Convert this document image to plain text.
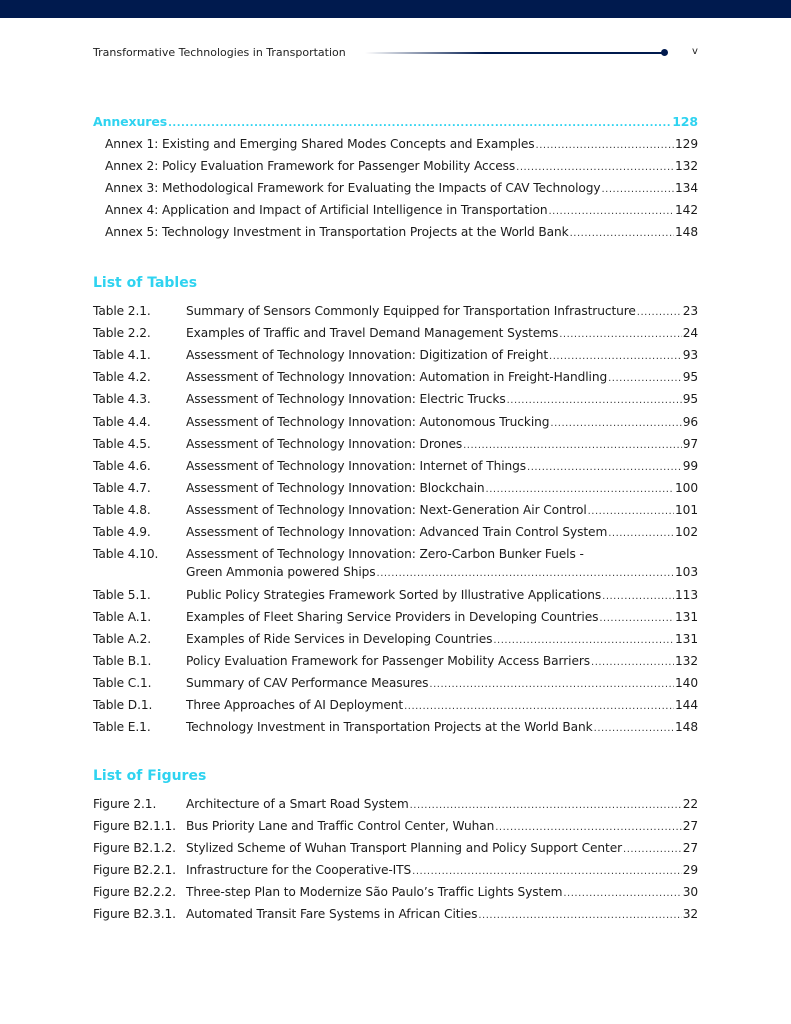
Transformative Technologies in Transportation	v
Annexures .....	128
Annex 1: Existing and Emerging Shared Modes Concepts and Examples .....	129
Annex 2: Policy Evaluation Framework for Passenger Mobility Access .....	132
Annex 3: Methodological Framework for Evaluating the Impacts of CAV Technology .....	134
Annex 4: Application and Impact of Artificial Intelligence in Transportation .....	142
Annex 5: Technology Investment in Transportation Projects at the World Bank .....	148
List of Tables
Table 2.1.	Summary of Sensors Commonly Equipped for Transportation Infrastructure .....	23
Table 2.2.	Examples of Traffic and Travel Demand Management Systems .....	24
Table 4.1.	Assessment of Technology Innovation: Digitization of Freight .....	93
Table 4.2.	Assessment of Technology Innovation: Automation in Freight-Handling .....	95
Table 4.3.	Assessment of Technology Innovation: Electric Trucks .....	95
Table 4.4.	Assessment of Technology Innovation: Autonomous Trucking .....	96
Table 4.5.	Assessment of Technology Innovation: Drones .....	97
Table 4.6.	Assessment of Technology Innovation: Internet of Things .....	99
Table 4.7.	Assessment of Technology Innovation: Blockchain .....	100
Table 4.8.	Assessment of Technology Innovation: Next-Generation Air Control .....	101
Table 4.9.	Assessment of Technology Innovation: Advanced Train Control System .....	102
Table 4.10.	Assessment of Technology Innovation: Zero-Carbon Bunker Fuels -
Green Ammonia powered Ships .....	103
Table 5.1.	Public Policy Strategies Framework Sorted by Illustrative Applications .....	113
Table A.1.	Examples of Fleet Sharing Service Providers in Developing Countries .....	131
Table A.2.	Examples of Ride Services in Developing Countries .....	131
Table B.1.	Policy Evaluation Framework for Passenger Mobility Access Barriers .....	132
Table C.1.	Summary of CAV Performance Measures .....	140
Table D.1.	Three Approaches of AI Deployment .....	144
Table E.1.	Technology Investment in Transportation Projects at the World Bank .....	148
List of Figures
Figure 2.1.	Architecture of a Smart Road System .....	22
Figure B2.1.1. Bus Priority Lane and Traffic Control Center, Wuhan .....	27
Figure B2.1.2. Stylized Scheme of Wuhan Transport Planning and Policy Support Center .....	27
Figure B2.2.1. Infrastructure for the Cooperative-ITS .....	29
Figure B2.2.2. Three-step Plan to Modernize São Paulo’s Traffic Lights System .....	30
Figure B2.3.1. Automated Transit Fare Systems in African Cities .....	32
